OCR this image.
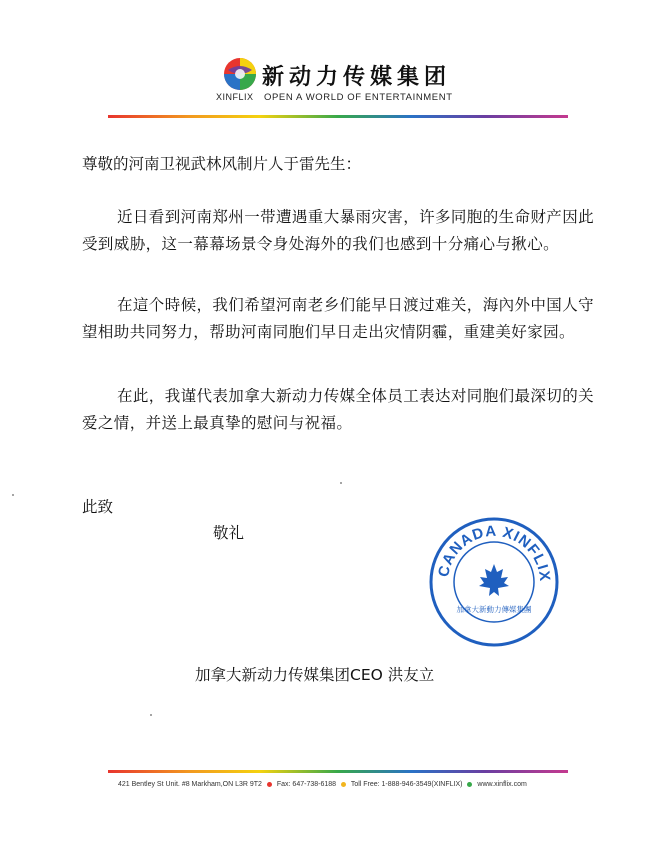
新动力传媒集团
XINFLIX OPEN A WORLD OF ENTERTAINMENT
尊敬的河南卫视武林风制片人于雷先生：
近日看到河南郑州一带遭遇重大暴雨灾害，许多同胞的生命财产因此受到威胁，这一幕幕场景令身处海外的我们也感到十分痛心与揪心。
在這个時候，我们希望河南老乡们能早日渡过难关，海內外中国人守望相助共同努力，帮助河南同胞们早日走出灾情阴霾，重建美好家园。
在此，我谨代表加拿大新动力传媒全体员工表达对同胞们最深切的关爱之情，并送上最真挚的慰问与祝福。
此致
敬礼
CANADA XINFLIX
加拿大新動力傳媒集團
加拿大新动力传媒集团CEO 洪友立
421 Bentley St Unit. #8 Markham,ON L3R 9T2 Fax: 647-738-6188 Toll Free: 1-888-946-3549(XINFLIX) www.xinflix.com
